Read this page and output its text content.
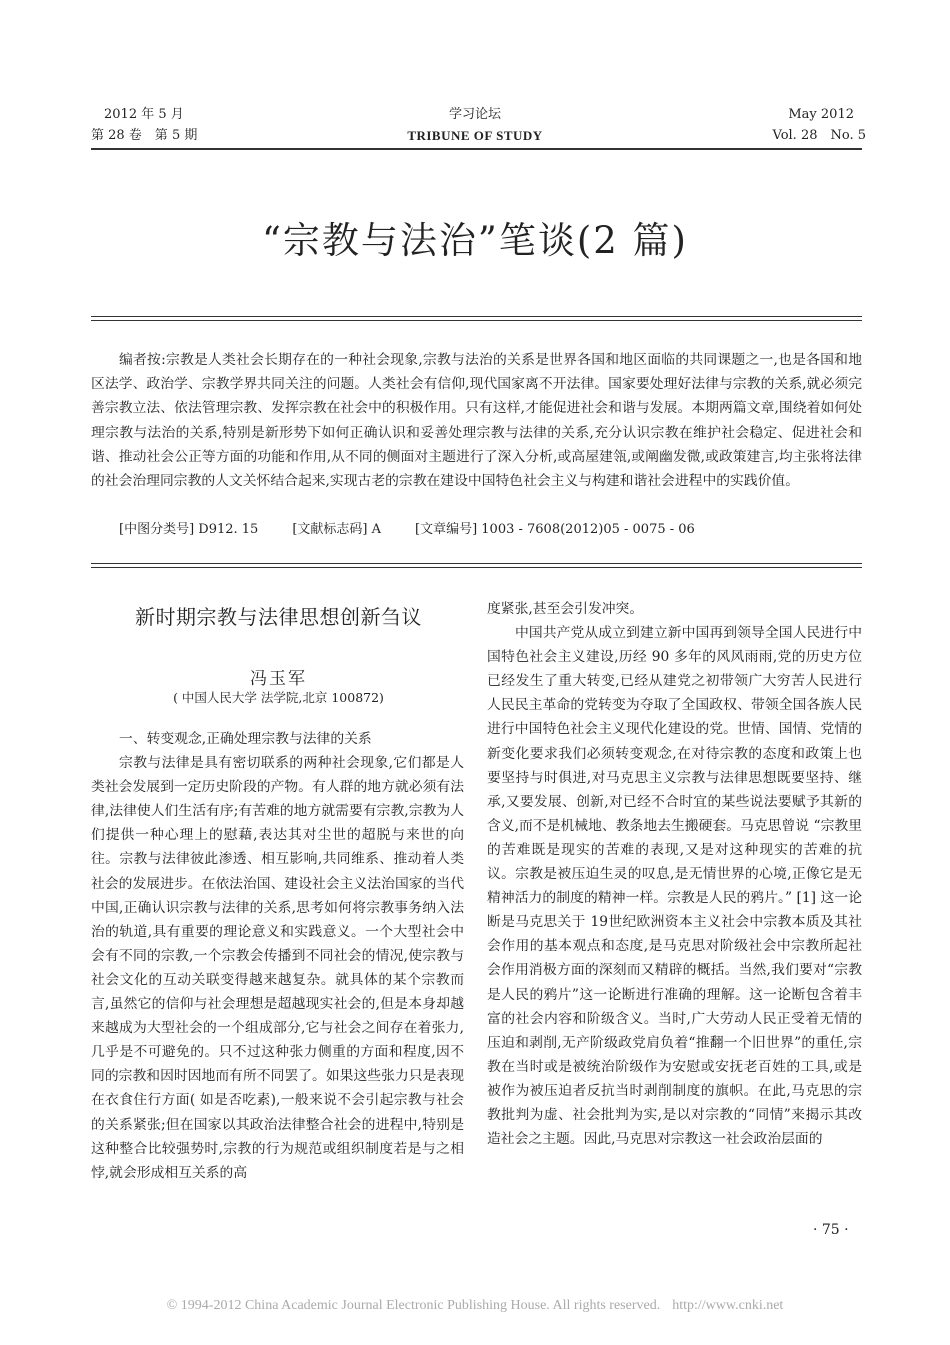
2012 年 5 月
第 28 卷　第 5 期
学习论坛
TRIBUNE OF STUDY
May 2012
Vol. 28　No. 5
“宗教与法治”笔谈(2 篇)

编者按:宗教是人类社会长期存在的一种社会现象,宗教与法治的关系是世界各国和地区面临的共同课题之一,也是各国和地区法学、政治学、宗教学界共同关注的问题。人类社会有信仰,现代国家离不开法律。国家要处理好法律与宗教的关系,就必须完善宗教立法、依法管理宗教、发挥宗教在社会中的积极作用。只有这样,才能促进社会和谐与发展。本期两篇文章,围绕着如何处理宗教与法治的关系,特别是新形势下如何正确认识和妥善处理宗教与法律的关系,充分认识宗教在维护社会稳定、促进社会和谐、推动社会公正等方面的功能和作用,从不同的侧面对主题进行了深入分析,或高屋建瓴,或阐幽发微,或政策建言,均主张将法律的社会治理同宗教的人文关怀结合起来,实现古老的宗教在建设中国特色社会主义与构建和谐社会进程中的实践价值。

[中图分类号] D912. 15	[文献标志码] A	[文章编号] 1003 - 7608(2012)05 - 0075 - 06
新时期宗教与法律思想创新刍议
冯玉军
( 中国人民大学 法学院,北京 100872)

一、转变观念,正确处理宗教与法律的关系

宗教与法律是具有密切联系的两种社会现象,它们都是人类社会发展到一定历史阶段的产物。有人群的地方就必须有法律,法律使人们生活有序;有苦难的地方就需要有宗教,宗教为人们提供一种心理上的慰藉,表达其对尘世的超脱与来世的向往。宗教与法律彼此渗透、相互影响,共同维系、推动着人类社会的发展进步。在依法治国、建设社会主义法治国家的当代中国,正确认识宗教与法律的关系,思考如何将宗教事务纳入法治的轨道,具有重要的理论意义和实践意义。一个大型社会中会有不同的宗教,一个宗教会传播到不同社会的情况,使宗教与社会文化的互动关联变得越来越复杂。就具体的某个宗教而言,虽然它的信仰与社会理想是超越现实社会的,但是本身却越来越成为大型社会的一个组成部分,它与社会之间存在着张力,几乎是不可避免的。只不过这种张力侧重的方面和程度,因不同的宗教和因时因地而有所不同罢了。如果这些张力只是表现在衣食住行方面( 如是否吃素),一般来说不会引起宗教与社会的关系紧张;但在国家以其政治法律整合社会的进程中,特别是这种整合比较强势时,宗教的行为规范或组织制度若是与之相悖,就会形成相互关系的高

度紧张,甚至会引发冲突。

中国共产党从成立到建立新中国再到领导全国人民进行中国特色社会主义建设,历经 90 多年的风风雨雨,党的历史方位已经发生了重大转变,已经从建党之初带领广大穷苦人民进行人民民主革命的党转变为夺取了全国政权、带领全国各族人民进行中国特色社会主义现代化建设的党。世情、国情、党情的新变化要求我们必须转变观念,在对待宗教的态度和政策上也要坚持与时俱进,对马克思主义宗教与法律思想既要坚持、继承,又要发展、创新,对已经不合时宜的某些说法要赋予其新的含义,而不是机械地、教条地去生搬硬套。马克思曾说 “宗教里的苦难既是现实的苦难的表现,又是对这种现实的苦难的抗议。宗教是被压迫生灵的叹息,是无情世界的心境,正像它是无精神活力的制度的精神一样。宗教是人民的鸦片。” [1] 这一论断是马克思关于 19世纪欧洲资本主义社会中宗教本质及其社会作用的基本观点和态度,是马克思对阶级社会中宗教所起社会作用消极方面的深刻而又精辟的概括。当然,我们要对“宗教是人民的鸦片”这一论断进行准确的理解。这一论断包含着丰富的社会内容和阶级含义。当时,广大劳动人民正受着无情的压迫和剥削,无产阶级政党肩负着“推翻一个旧世界”的重任,宗教在当时或是被统治阶级作为安慰或安抚老百姓的工具,或是被作为被压迫者反抗当时剥削制度的旗帜。在此,马克思的宗教批判为虚、社会批判为实,是以对宗教的“同情”来揭示其改造社会之主题。因此,马克思对宗教这一社会政治层面的

· 75 ·
© 1994-2012 China Academic Journal Electronic Publishing House. All rights reserved. http://www.cnki.net
